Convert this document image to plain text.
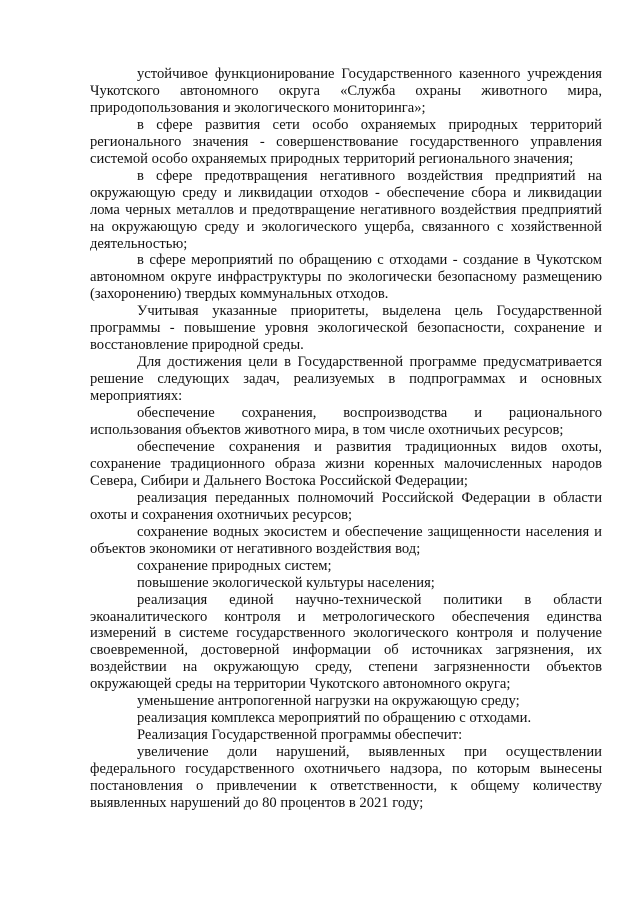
устойчивое функционирование Государственного казенного учреждения Чукотского автономного округа «Служба охраны животного мира, природопользования и экологического мониторинга»;

в сфере развития сети особо охраняемых природных территорий регионального значения - совершенствование государственного управления системой особо охраняемых природных территорий регионального значения;

в сфере предотвращения негативного воздействия предприятий на окружающую среду и ликвидации отходов - обеспечение сбора и ликвидации лома черных металлов и предотвращение негативного воздействия предприятий на окружающую среду и экологического ущерба, связанного с хозяйственной деятельностью;

в сфере мероприятий по обращению с отходами - создание в Чукотском автономном округе инфраструктуры по экологически безопасному размещению (захоронению) твердых коммунальных отходов.

Учитывая указанные приоритеты, выделена цель Государственной программы - повышение уровня экологической безопасности, сохранение и восстановление природной среды.

Для достижения цели в Государственной программе предусматривается решение следующих задач, реализуемых в подпрограммах и основных мероприятиях:

обеспечение сохранения, воспроизводства и рационального использования объектов животного мира, в том числе охотничьих ресурсов;

обеспечение сохранения и развития традиционных видов охоты, сохранение традиционного образа жизни коренных малочисленных народов Севера, Сибири и Дальнего Востока Российской Федерации;

реализация переданных полномочий Российской Федерации в области охоты и сохранения охотничьих ресурсов;

сохранение водных экосистем и обеспечение защищенности населения и объектов экономики от негативного воздействия вод;

сохранение природных систем;

повышение экологической культуры населения;

реализация единой научно-технической политики в области экоаналитического контроля и метрологического обеспечения единства измерений в системе государственного экологического контроля и получение своевременной, достоверной информации об источниках загрязнения, их воздействии на окружающую среду, степени загрязненности объектов окружающей среды на территории Чукотского автономного округа;

уменьшение антропогенной нагрузки на окружающую среду;

реализация комплекса мероприятий по обращению с отходами.

Реализация Государственной программы обеспечит:

увеличение доли нарушений, выявленных при осуществлении федерального государственного охотничьего надзора, по которым вынесены постановления о привлечении к ответственности, к общему количеству выявленных нарушений до 80 процентов в 2021 году;
